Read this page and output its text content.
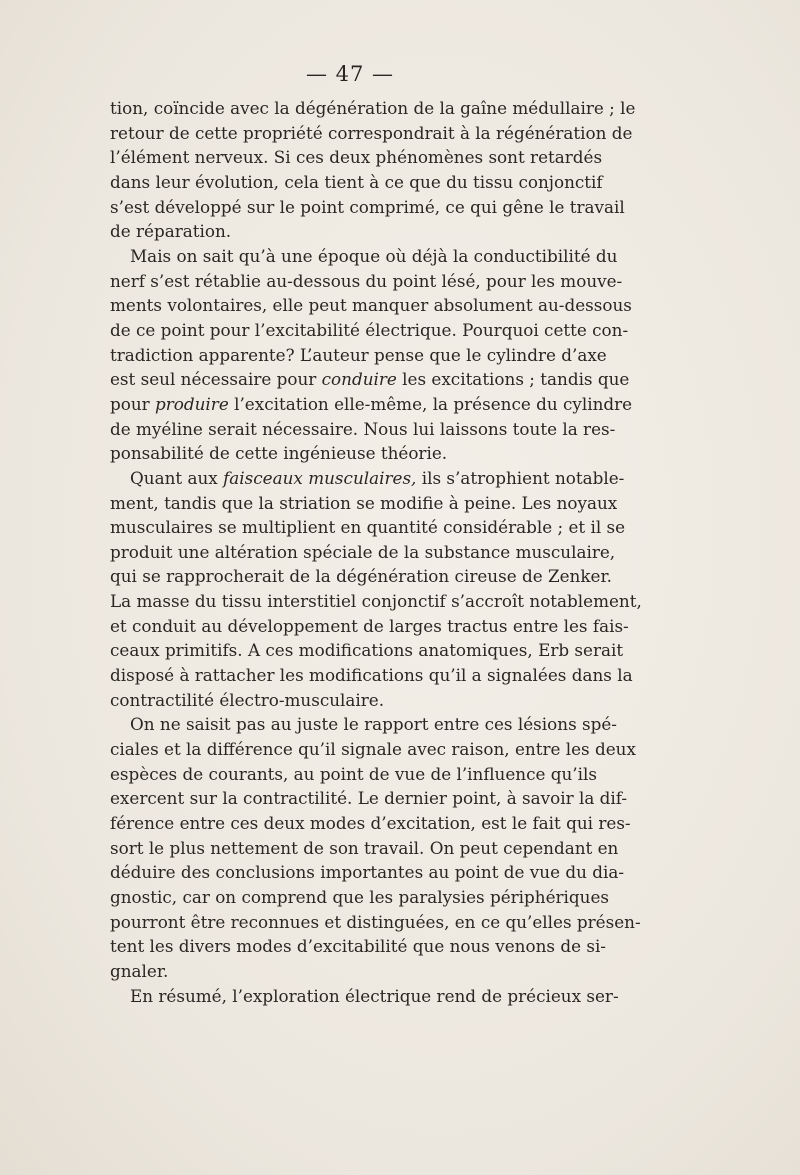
— 47 —
tion, coïncide avec la dégénération de la gaîne médullaire ; le
retour de cette propriété correspondrait à la régénération de
l’élément nerveux. Si ces deux phénomènes sont retardés
dans leur évolution, cela tient à ce que du tissu conjonctif
s’est développé sur le point comprimé, ce qui gêne le travail
de réparation.
Mais on sait qu’à une époque où déjà la conductibilité du
nerf s’est rétablie au-dessous du point lésé, pour les mouve-
ments volontaires, elle peut manquer absolument au-dessous
de ce point pour l’excitabilité électrique. Pourquoi cette con-
tradiction apparente? L’auteur pense que le cylindre d’axe
est seul nécessaire pour conduire les excitations ; tandis que
pour produire l’excitation elle-même, la présence du cylindre
de myéline serait nécessaire. Nous lui laissons toute la res-
ponsabilité de cette ingénieuse théorie.
Quant aux faisceaux musculaires, ils s’atrophient notable-
ment, tandis que la striation se modifie à peine. Les noyaux
musculaires se multiplient en quantité considérable ; et il se
produit une altération spéciale de la substance musculaire,
qui se rapprocherait de la dégénération cireuse de Zenker.
La masse du tissu interstitiel conjonctif s’accroît notablement,
et conduit au développement de larges tractus entre les fais-
ceaux primitifs. A ces modifications anatomiques, Erb serait
disposé à rattacher les modifications qu’il a signalées dans la
contractilité électro-musculaire.
On ne saisit pas au juste le rapport entre ces lésions spé-
ciales et la différence qu’il signale avec raison, entre les deux
espèces de courants, au point de vue de l’influence qu’ils
exercent sur la contractilité. Le dernier point, à savoir la dif-
férence entre ces deux modes d’excitation, est le fait qui res-
sort le plus nettement de son travail. On peut cependant en
déduire des conclusions importantes au point de vue du dia-
gnostic, car on comprend que les paralysies périphériques
pourront être reconnues et distinguées, en ce qu’elles présen-
tent les divers modes d’excitabilité que nous venons de si-
gnaler.
En résumé, l’exploration électrique rend de précieux ser-
